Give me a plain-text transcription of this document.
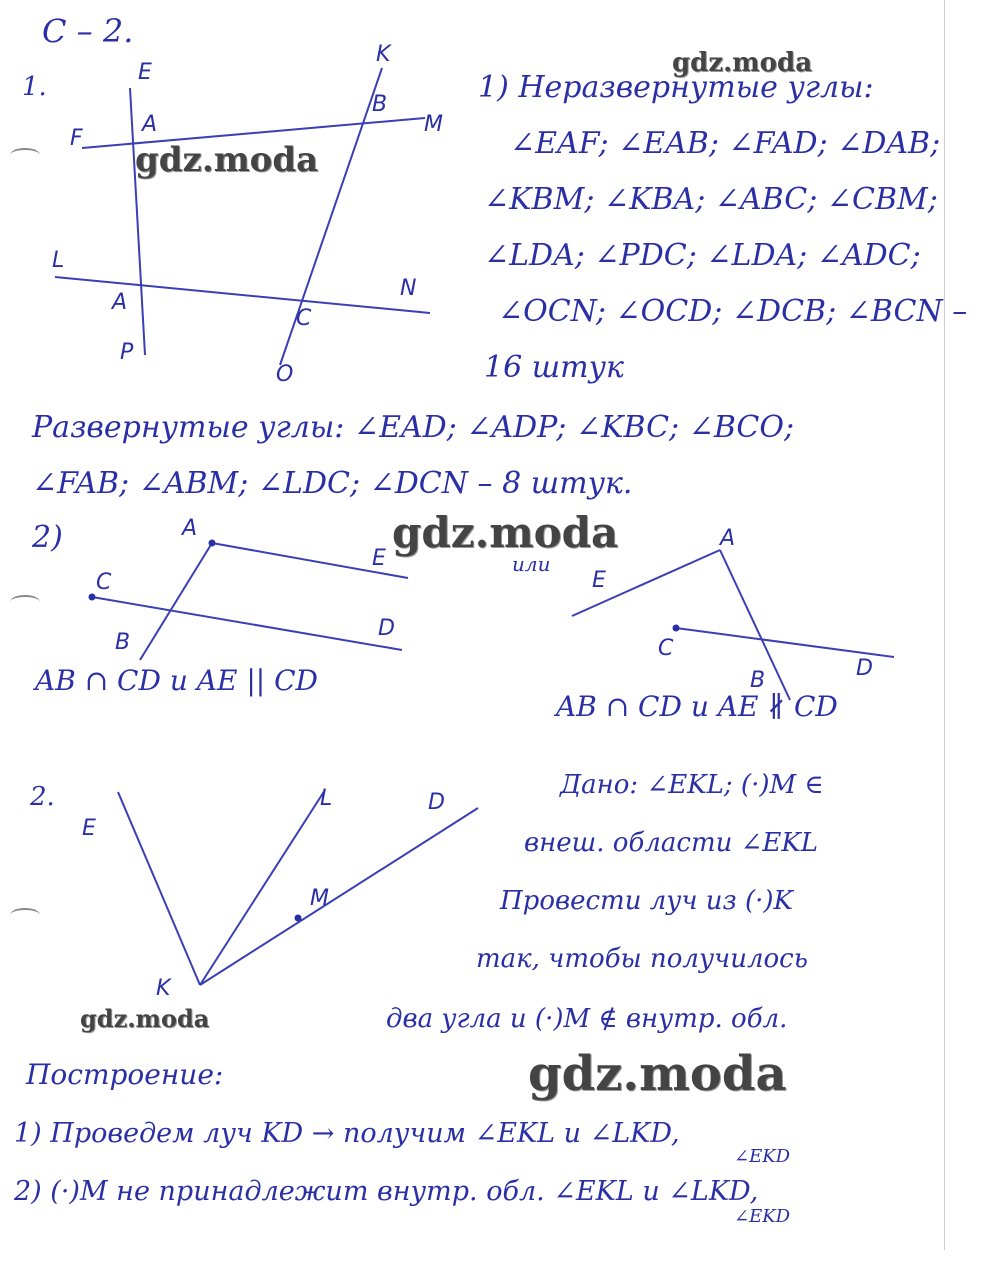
С – 2.
1.	E
K
B
A	M
F
L
A
N
C
P
O
gdz.moda
gdz.moda
1) Неразвернутые углы:
∠EAF; ∠EAB; ∠FAD; ∠DAB;
∠KBM; ∠KBA; ∠ABC; ∠CBM;
∠LDA; ∠PDC; ∠LDA; ∠ADC;
∠OCN; ∠OCD; ∠DCB; ∠BCN –
16 штук
Развернутые углы: ∠EAD; ∠ADP; ∠KBC; ∠BCO;
∠FAB; ∠ABM; ∠LDC; ∠DCN – 8 штук.
2)	A
E
C
B
D
AB ∩ CD и AE || CD
gdz.moda
или
A
E
C
B	D
AB ∩ CD и AE ∦ CD
2.
E
L	D
M
K
gdz.moda
Дано: ∠EKL; (·)M ∈
внеш. области ∠EKL
Провести луч из (·)K
так, чтобы получилось
два угла и (·)M ∉ внутр. обл.
gdz.moda
Построение:
1) Проведем луч KD → получим ∠EKL и ∠LKD,
∠EKD
2) (·)M не принадлежит внутр. обл. ∠EKL и ∠LKD,
∠EKD
